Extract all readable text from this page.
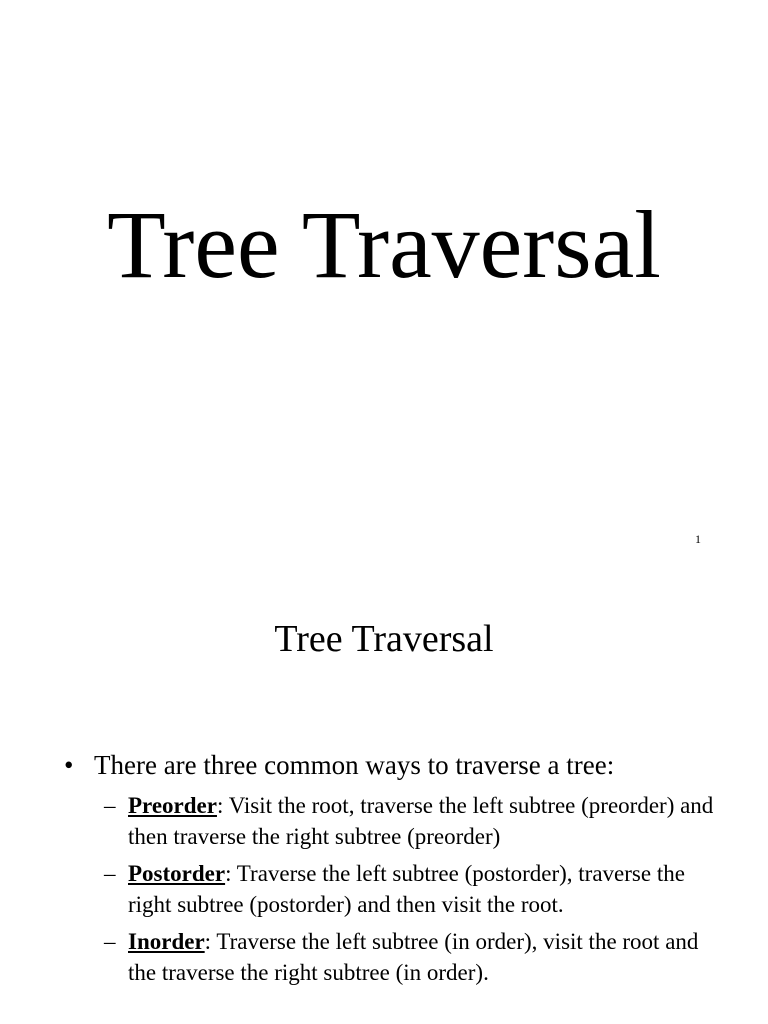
Tree Traversal
1
Tree Traversal

• There are three common ways to traverse a tree:

– Preorder: Visit the root, traverse the left subtree (preorder) and then traverse the right subtree (preorder)
– Postorder: Traverse the left subtree (postorder), traverse the right subtree (postorder) and then visit the root.
– Inorder: Traverse the left subtree (in order), visit the root and the traverse the right subtree (in order).
